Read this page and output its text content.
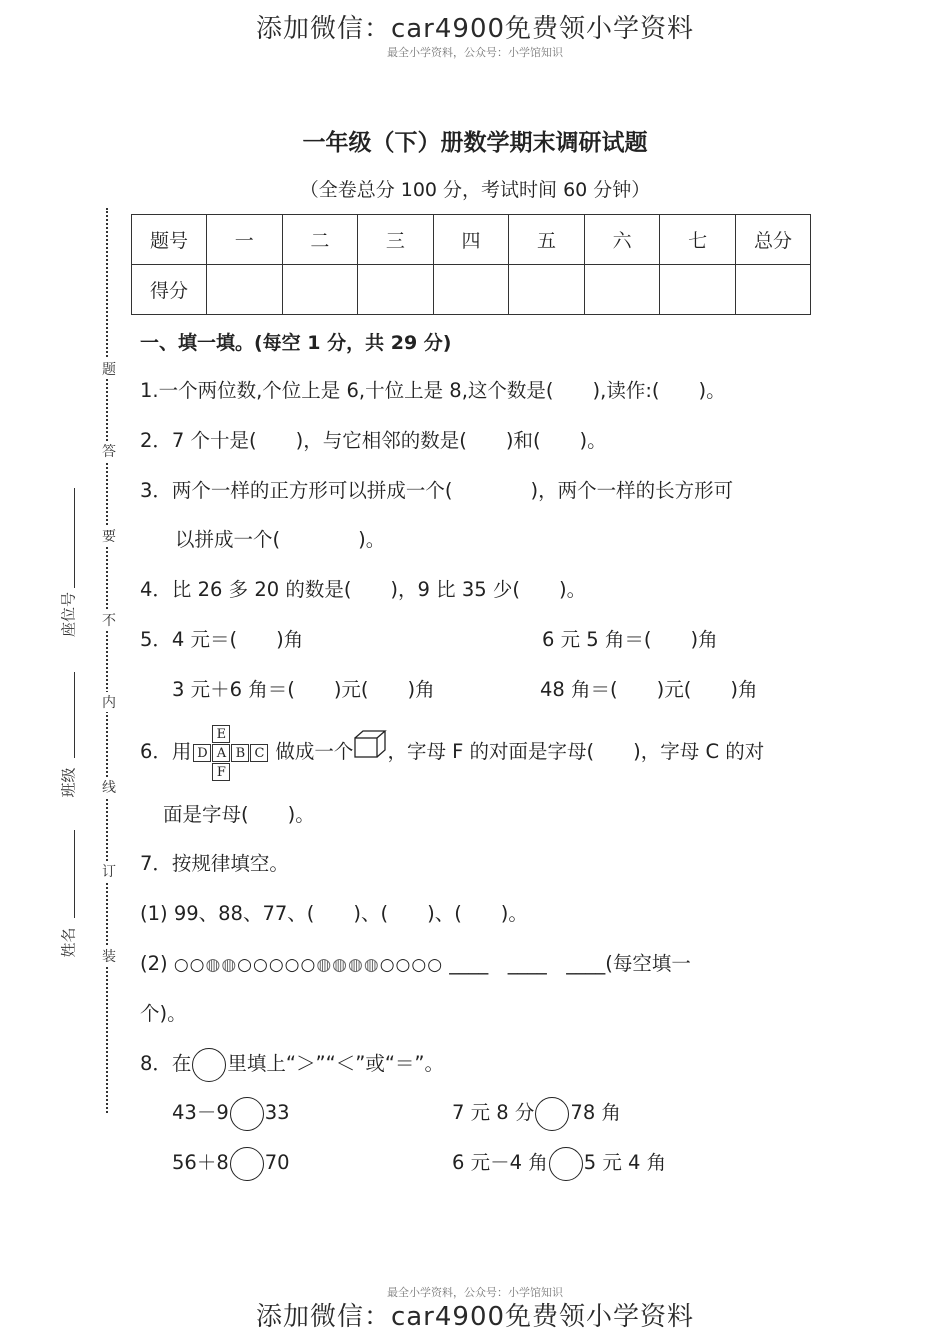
添加微信：car4900免费领小学资料
最全小学资料，公众号：小学馆知识
一年级（下）册数学期末调研试题
（全卷总分 100 分，考试时间 60 分钟）
题号	一	二	三	四	五	六	七	总分
得分								
题
答
要
不
内
线
订
装
座位号
班级
姓名
一、填一填。(每空 1 分，共 29 分)
1.一个两位数,个位上是 6,十位上是 8,这个数是(　　),读作:(　　)。
2．7 个十是(　　)，与它相邻的数是(　　)和(　　)。
3．两个一样的正方形可以拼成一个(　　　　)，两个一样的长方形可
以拼成一个(　　　　)。
4．比 26 多 20 的数是(　　)，9 比 35 少(　　)。
5．4 元＝(　　)角	6 元 5 角＝(　　)角
3 元＋6 角＝(　　)元(　　)角	48 角＝(　　)元(　　)角
6．用
E
D A B C
F
做成一个 ，字母 F 的对面是字母(　　)，字母 C 的对
面是字母(　　)。
7．按规律填空。
(1) 99、88、77、(　　)、(　　)、(　　)。
(2) ○○◍◍○○○○○◍◍◍◍○○○○ ____　____　____(每空填一
个)。
8．在 里填上“＞”“＜”或“＝”。
43－9 33	7 元 8 分 78 角
56＋8 70	6 元－4 角 5 元 4 角
最全小学资料，公众号：小学馆知识
添加微信：car4900免费领小学资料
